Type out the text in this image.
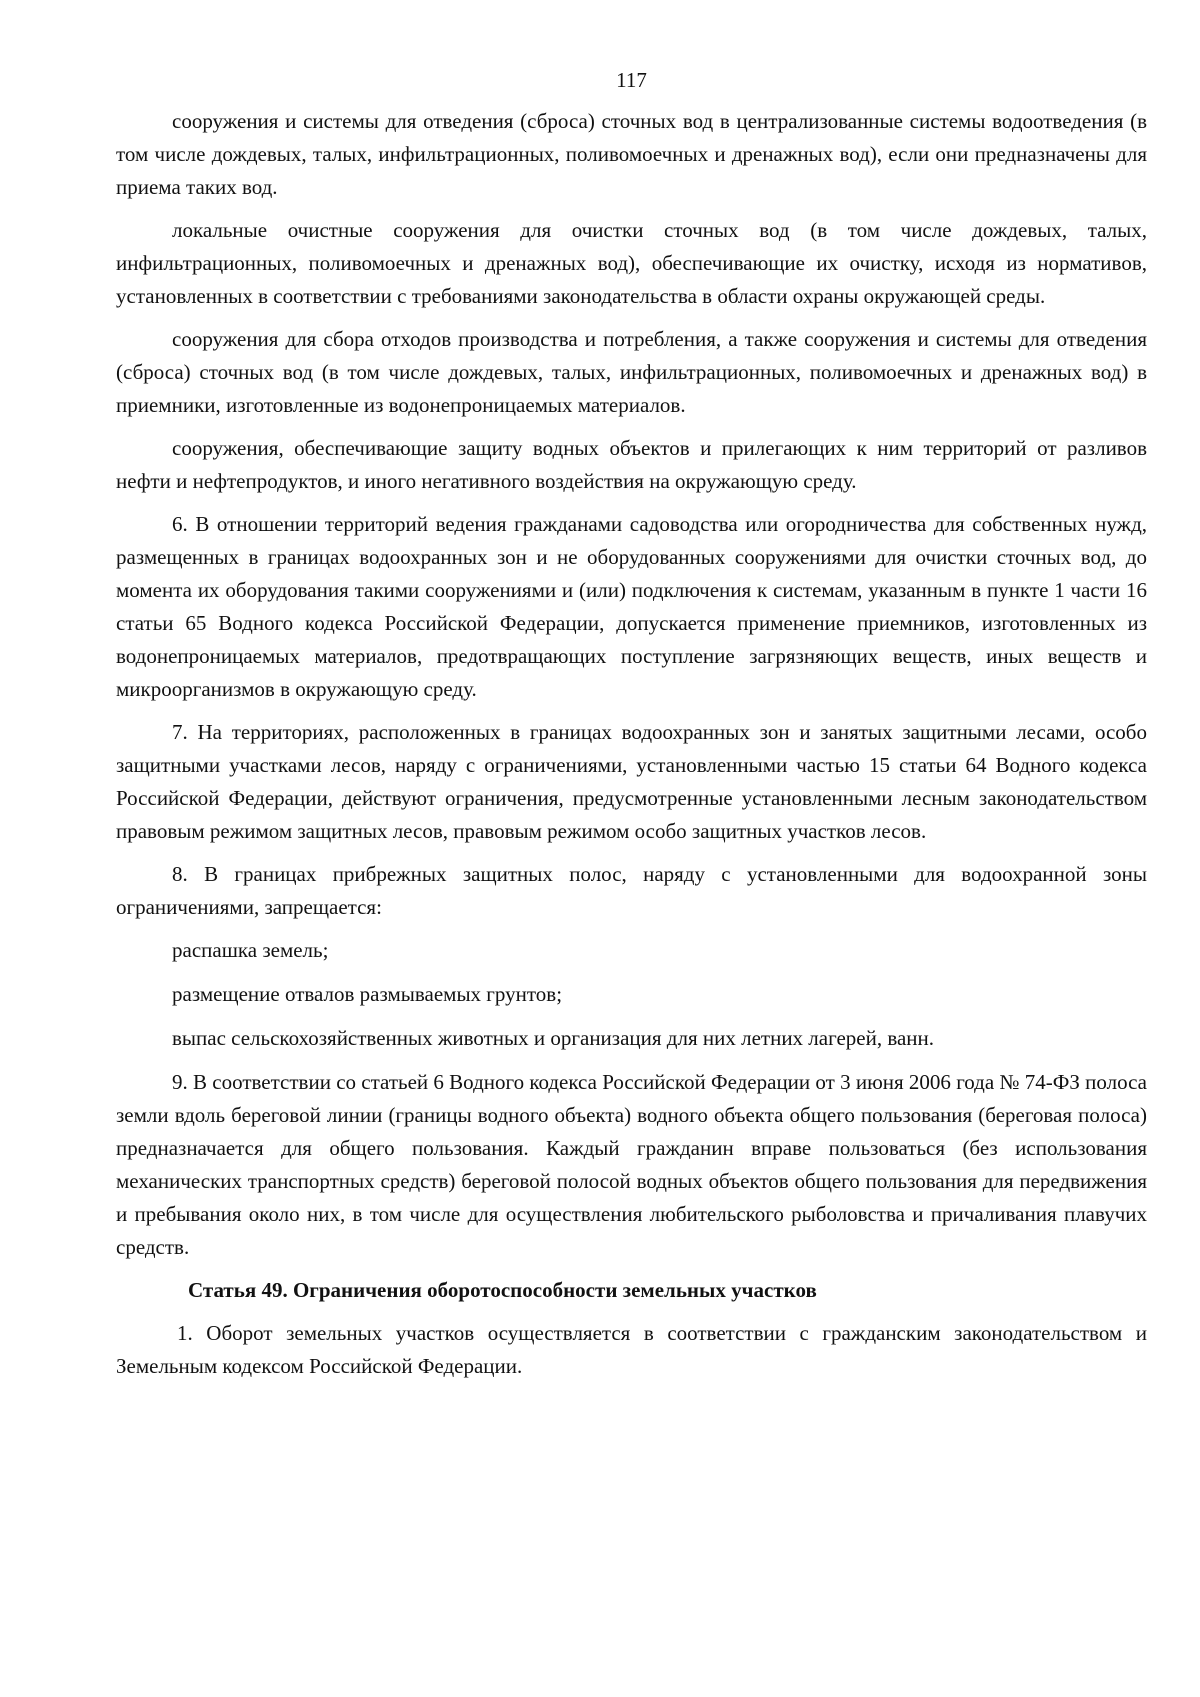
117

сооружения и системы для отведения (сброса) сточных вод в централизованные системы водоотведения (в том числе дождевых, талых, инфильтрационных, поливомоечных и дренажных вод), если они предназначены для приема таких вод.

локальные очистные сооружения для очистки сточных вод (в том числе дождевых, талых, инфильтрационных, поливомоечных и дренажных вод), обеспечивающие их очистку, исходя из нормативов, установленных в соответствии с требованиями законодательства в области охраны окружающей среды.

сооружения для сбора отходов производства и потребления, а также сооружения и системы для отведения (сброса) сточных вод (в том числе дождевых, талых, инфильтрационных, поливомоечных и дренажных вод) в приемники, изготовленные из водонепроницаемых материалов.

сооружения, обеспечивающие защиту водных объектов и прилегающих к ним территорий от разливов нефти и нефтепродуктов, и иного негативного воздействия на окружающую среду.

6. В отношении территорий ведения гражданами садоводства или огородничества для собственных нужд, размещенных в границах водоохранных зон и не оборудованных сооружениями для очистки сточных вод, до момента их оборудования такими сооружениями и (или) подключения к системам, указанным в пункте 1 части 16 статьи 65 Водного кодекса Российской Федерации, допускается применение приемников, изготовленных из водонепроницаемых материалов, предотвращающих поступление загрязняющих веществ, иных веществ и микроорганизмов в окружающую среду.

7. На территориях, расположенных в границах водоохранных зон и занятых защитными лесами, особо защитными участками лесов, наряду с ограничениями, установленными частью 15 статьи 64 Водного кодекса Российской Федерации, действуют ограничения, предусмотренные установленными лесным законодательством правовым режимом защитных лесов, правовым режимом особо защитных участков лесов.

8. В границах прибрежных защитных полос, наряду с установленными для водоохранной зоны ограничениями, запрещается:

распашка земель;

размещение отвалов размываемых грунтов;

выпас сельскохозяйственных животных и организация для них летних лагерей, ванн.

9. В соответствии со статьей 6 Водного кодекса Российской Федерации от 3 июня 2006 года № 74-ФЗ полоса земли вдоль береговой линии (границы водного объекта) водного объекта общего пользования (береговая полоса) предназначается для общего пользования. Каждый гражданин вправе пользоваться (без использования механических транспортных средств) береговой полосой водных объектов общего пользования для передвижения и пребывания около них, в том числе для осуществления любительского рыболовства и причаливания плавучих средств.

Статья 49. Ограничения оборотоспособности земельных участков

1. Оборот земельных участков осуществляется в соответствии с гражданским законодательством и Земельным кодексом Российской Федерации.
